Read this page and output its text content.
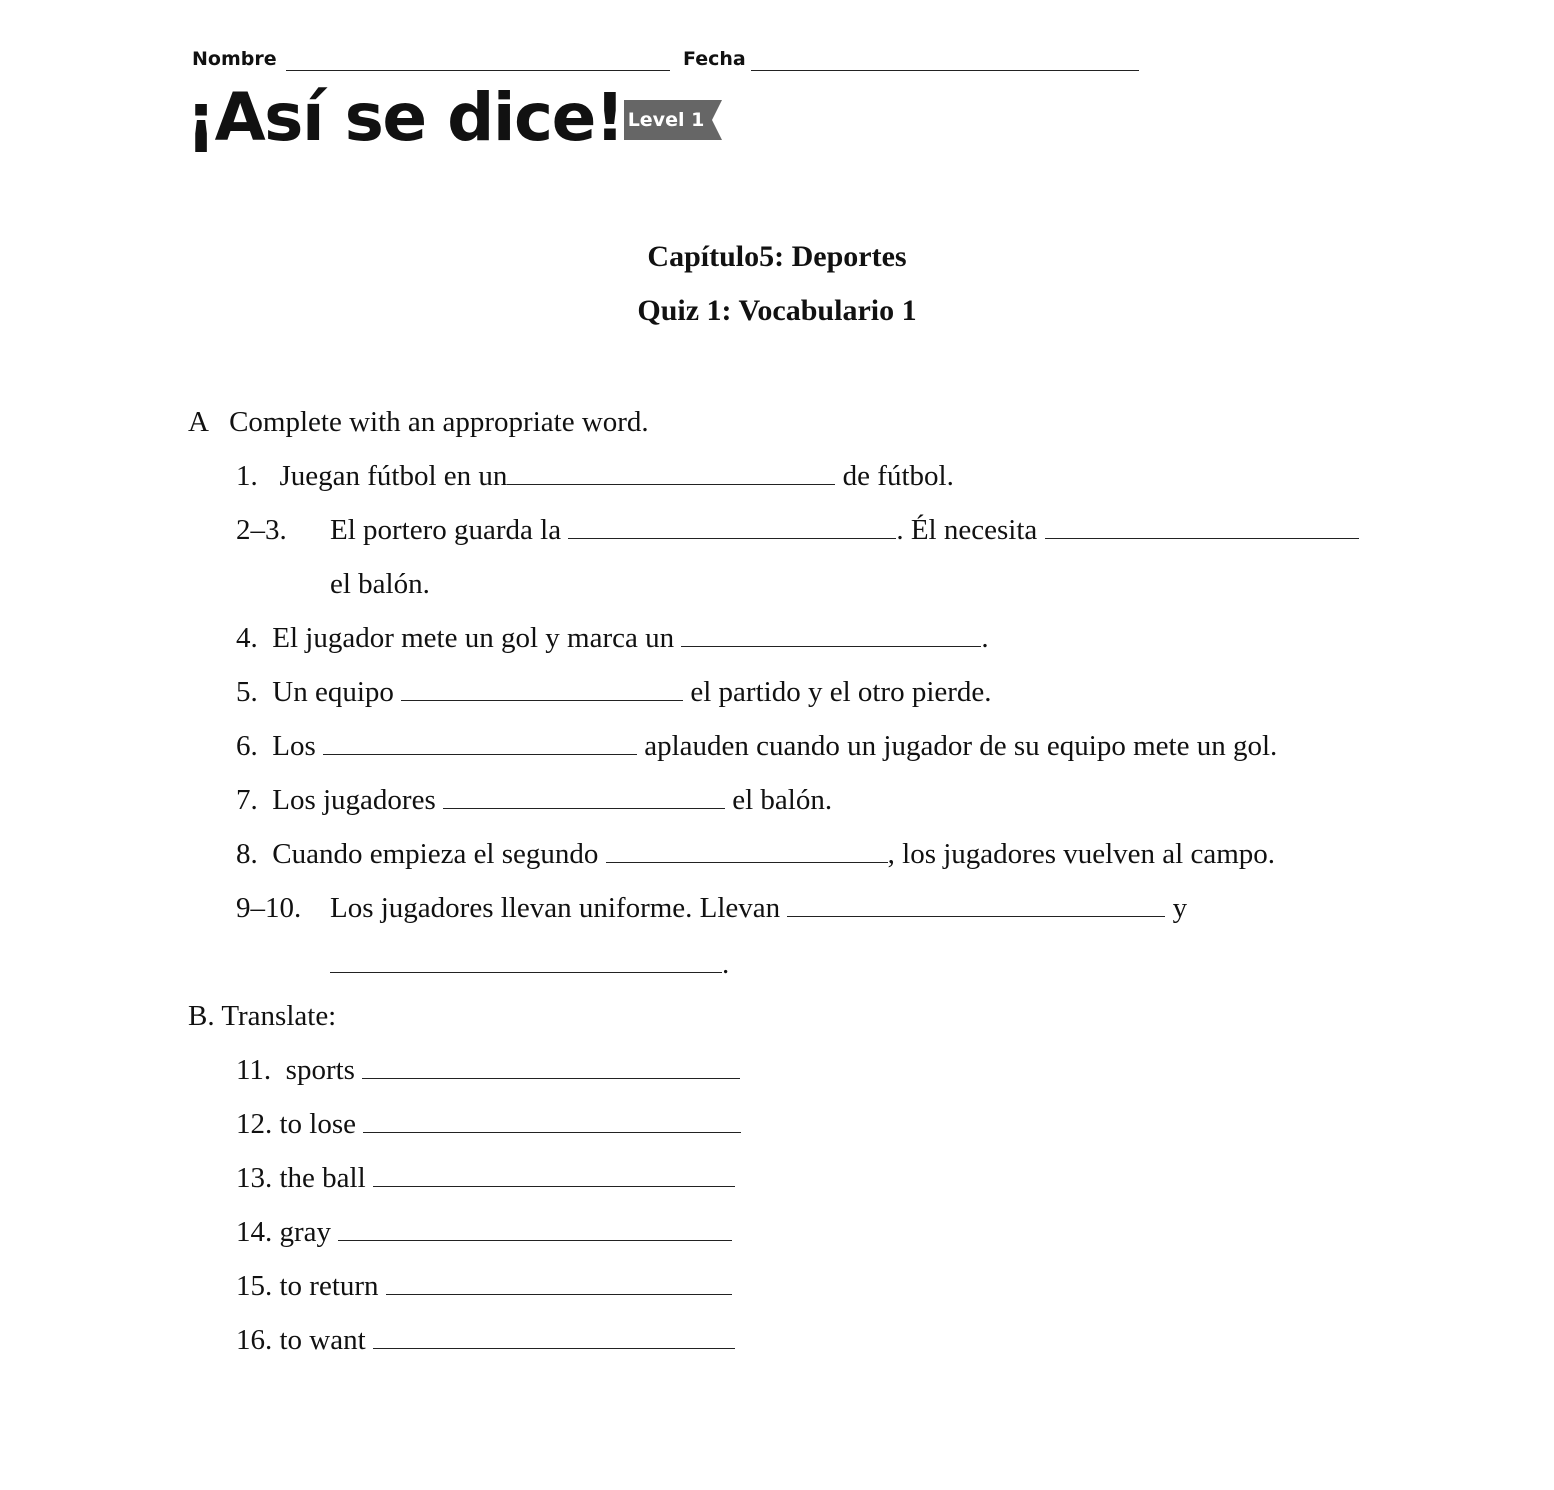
Nombre	Fecha
¡Así se dice! Level 1
Capítulo5: Deportes
Quiz 1: Vocabulario 1
A   Complete with an appropriate word.
1. Juegan fútbol en un	de fútbol.
2–3. El portero guarda la	. Él necesita
el balón.
4. El jugador mete un gol y marca un	.
5. Un equipo	el partido y el otro pierde.
6. Los	aplauden cuando un jugador de su equipo mete un gol.
7. Los jugadores	el balón.
8. Cuando empieza el segundo	, los jugadores vuelven al campo.
9–10. Los jugadores llevan uniforme. Llevan	y
.
B. Translate:
11.  sports
12. to lose
13. the ball
14. gray
15. to return
16. to want
